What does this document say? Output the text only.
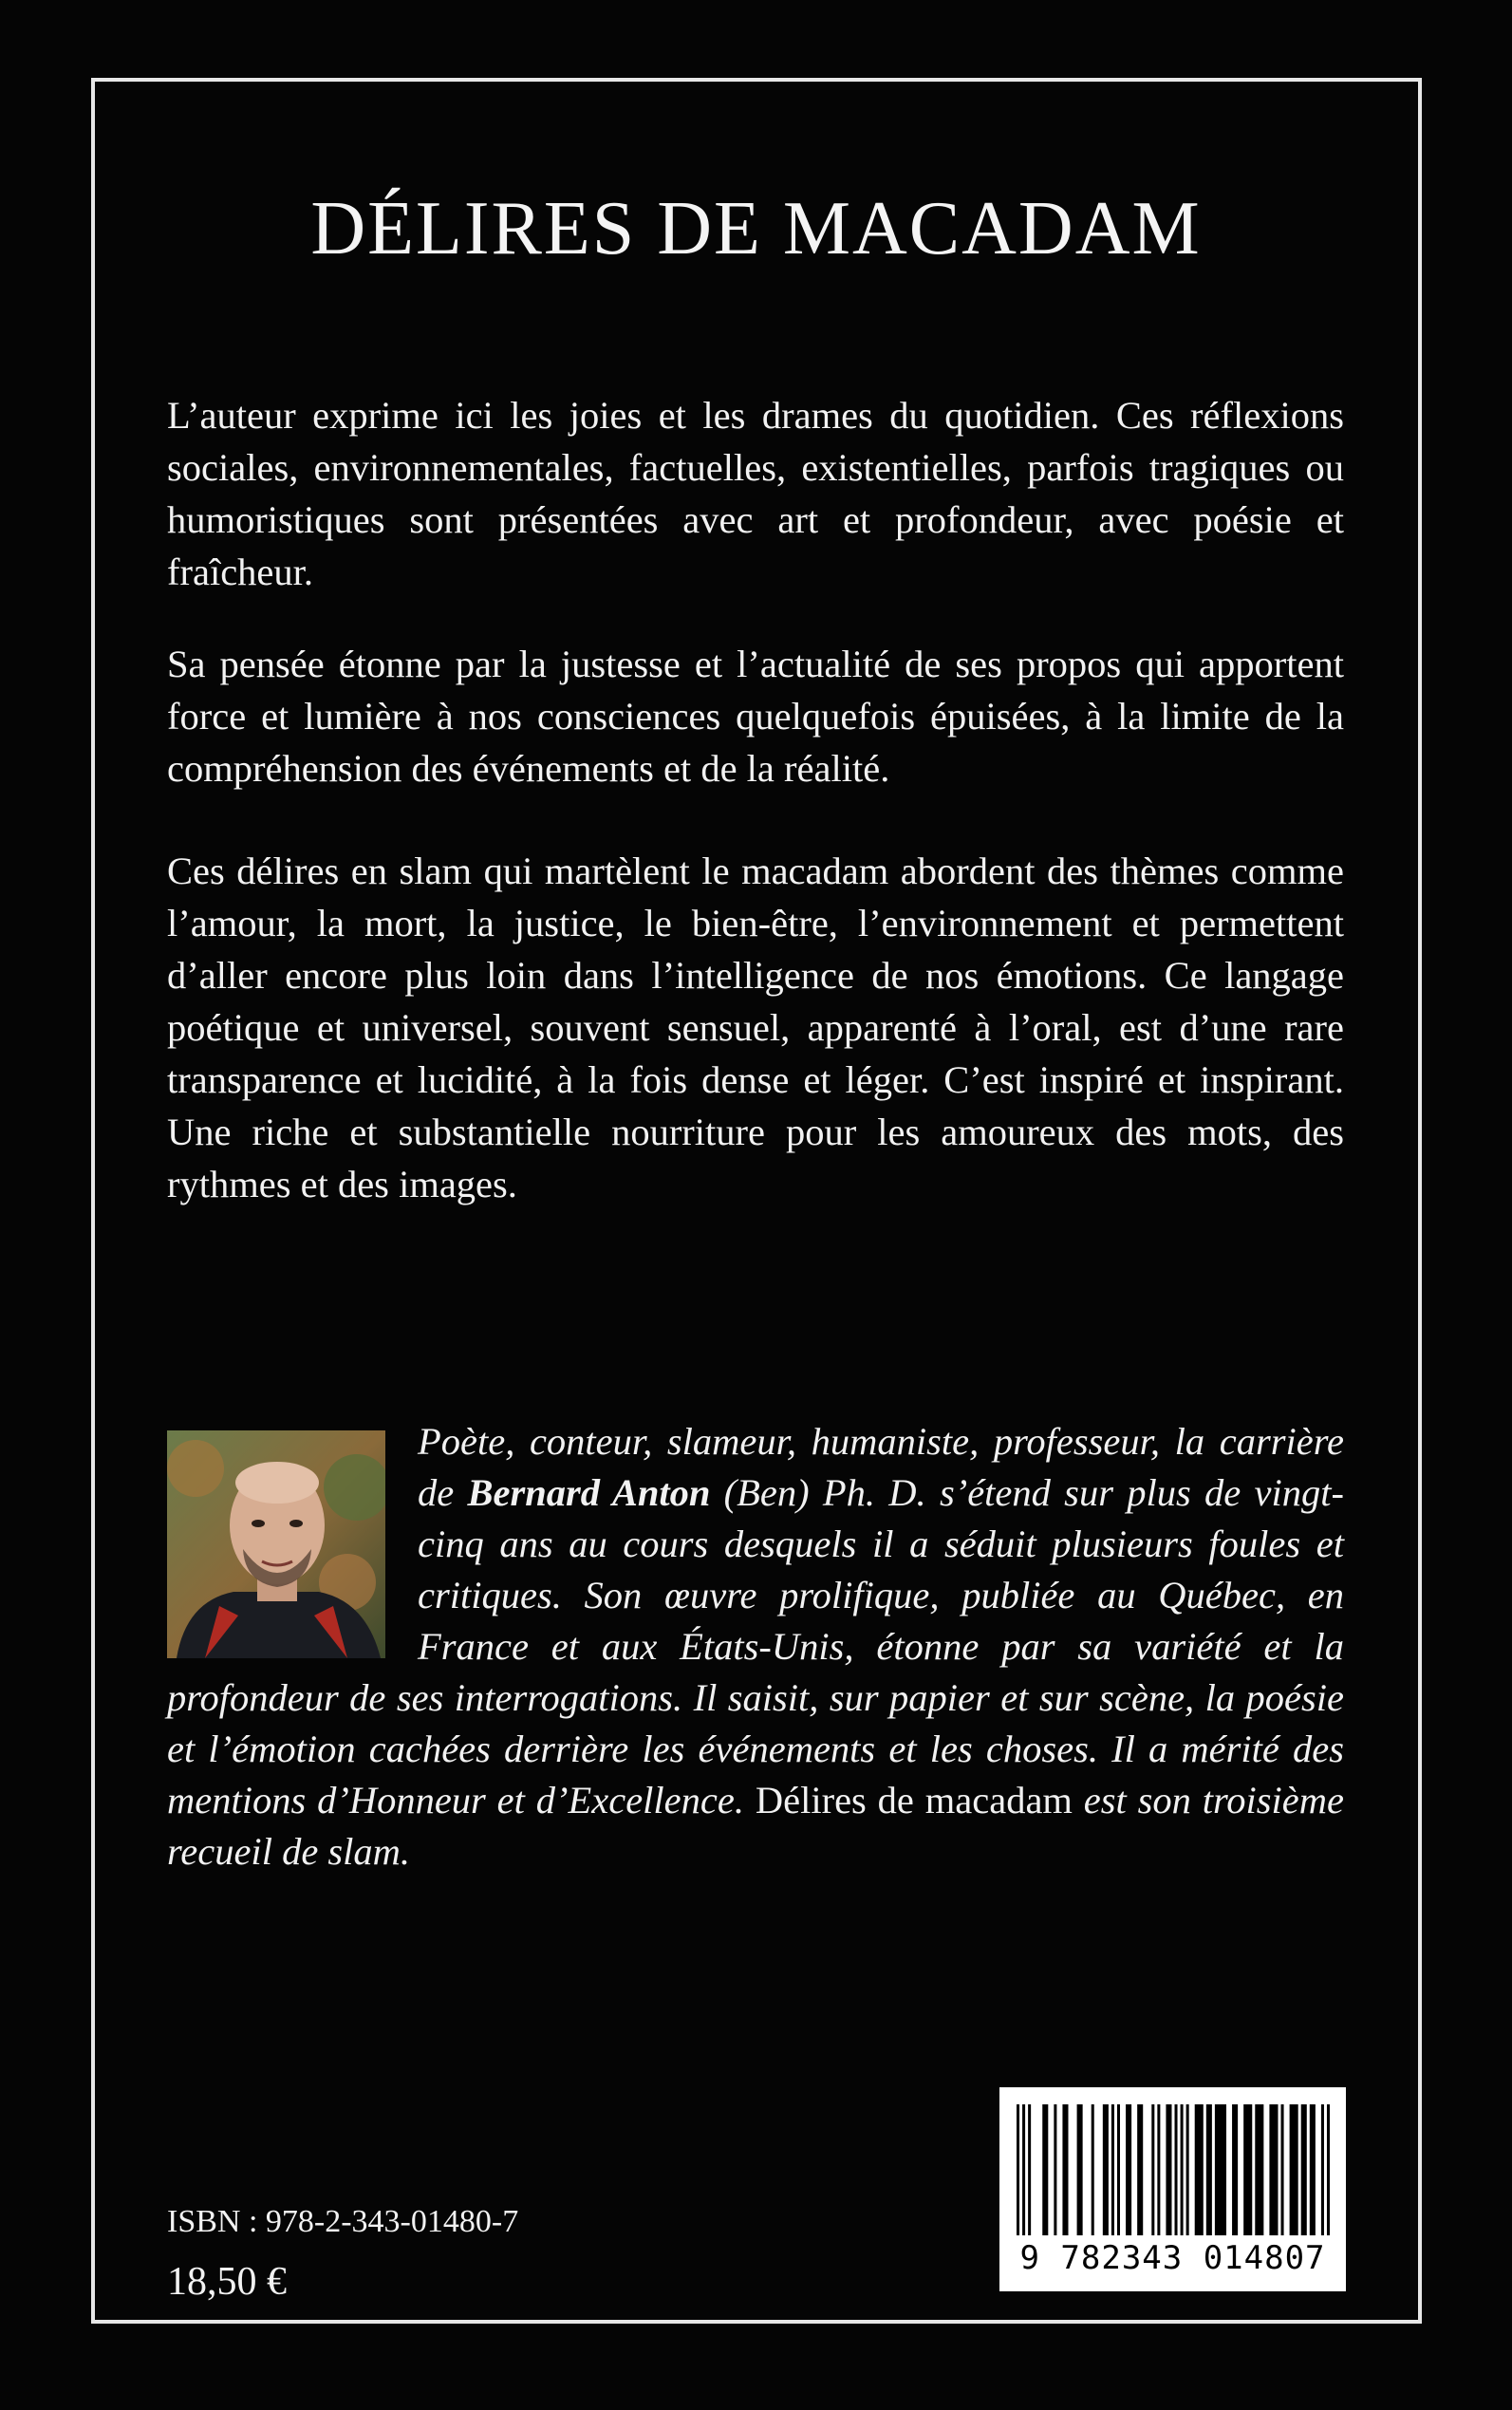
DÉLIRES DE MACADAM

L’auteur exprime ici les joies et les drames du quotidien. Ces réflexions sociales, environnementales, factuelles, existentielles, parfois tragiques ou humoristiques sont présentées avec art et profondeur, avec poésie et fraîcheur.

Sa pensée étonne par la justesse et l’actualité de ses propos qui apportent force et lumière à nos consciences quelquefois épuisées, à la limite de la compréhension des événements et de la réalité.

Ces délires en slam qui martèlent le macadam abordent des thèmes comme l’amour, la mort, la justice, le bien-être, l’environnement et permettent d’aller encore plus loin dans l’intelligence de nos émotions. Ce langage poétique et universel, souvent sensuel, apparenté à l’oral, est d’une rare transparence et lucidité, à la fois dense et léger. C’est inspiré et inspirant. Une riche et substantielle nourriture pour les amoureux des mots, des rythmes et des images.

Poète, conteur, slameur, humaniste, professeur, la carrière de Bernard Anton (Ben) Ph. D. s’étend sur plus de vingt-cinq ans au cours desquels il a séduit plusieurs foules et critiques. Son œuvre prolifique, publiée au Québec, en France et aux États-Unis, étonne par sa variété et la profondeur de ses interrogations. Il saisit, sur papier et sur scène, la poésie et l’émotion cachées derrière les événements et les choses. Il a mérité des mentions d’Honneur et d’Excellence. Délires de macadam est son troisième recueil de slam.

ISBN : 978-2-343-01480-7

18,50 €

9 782343 014807
